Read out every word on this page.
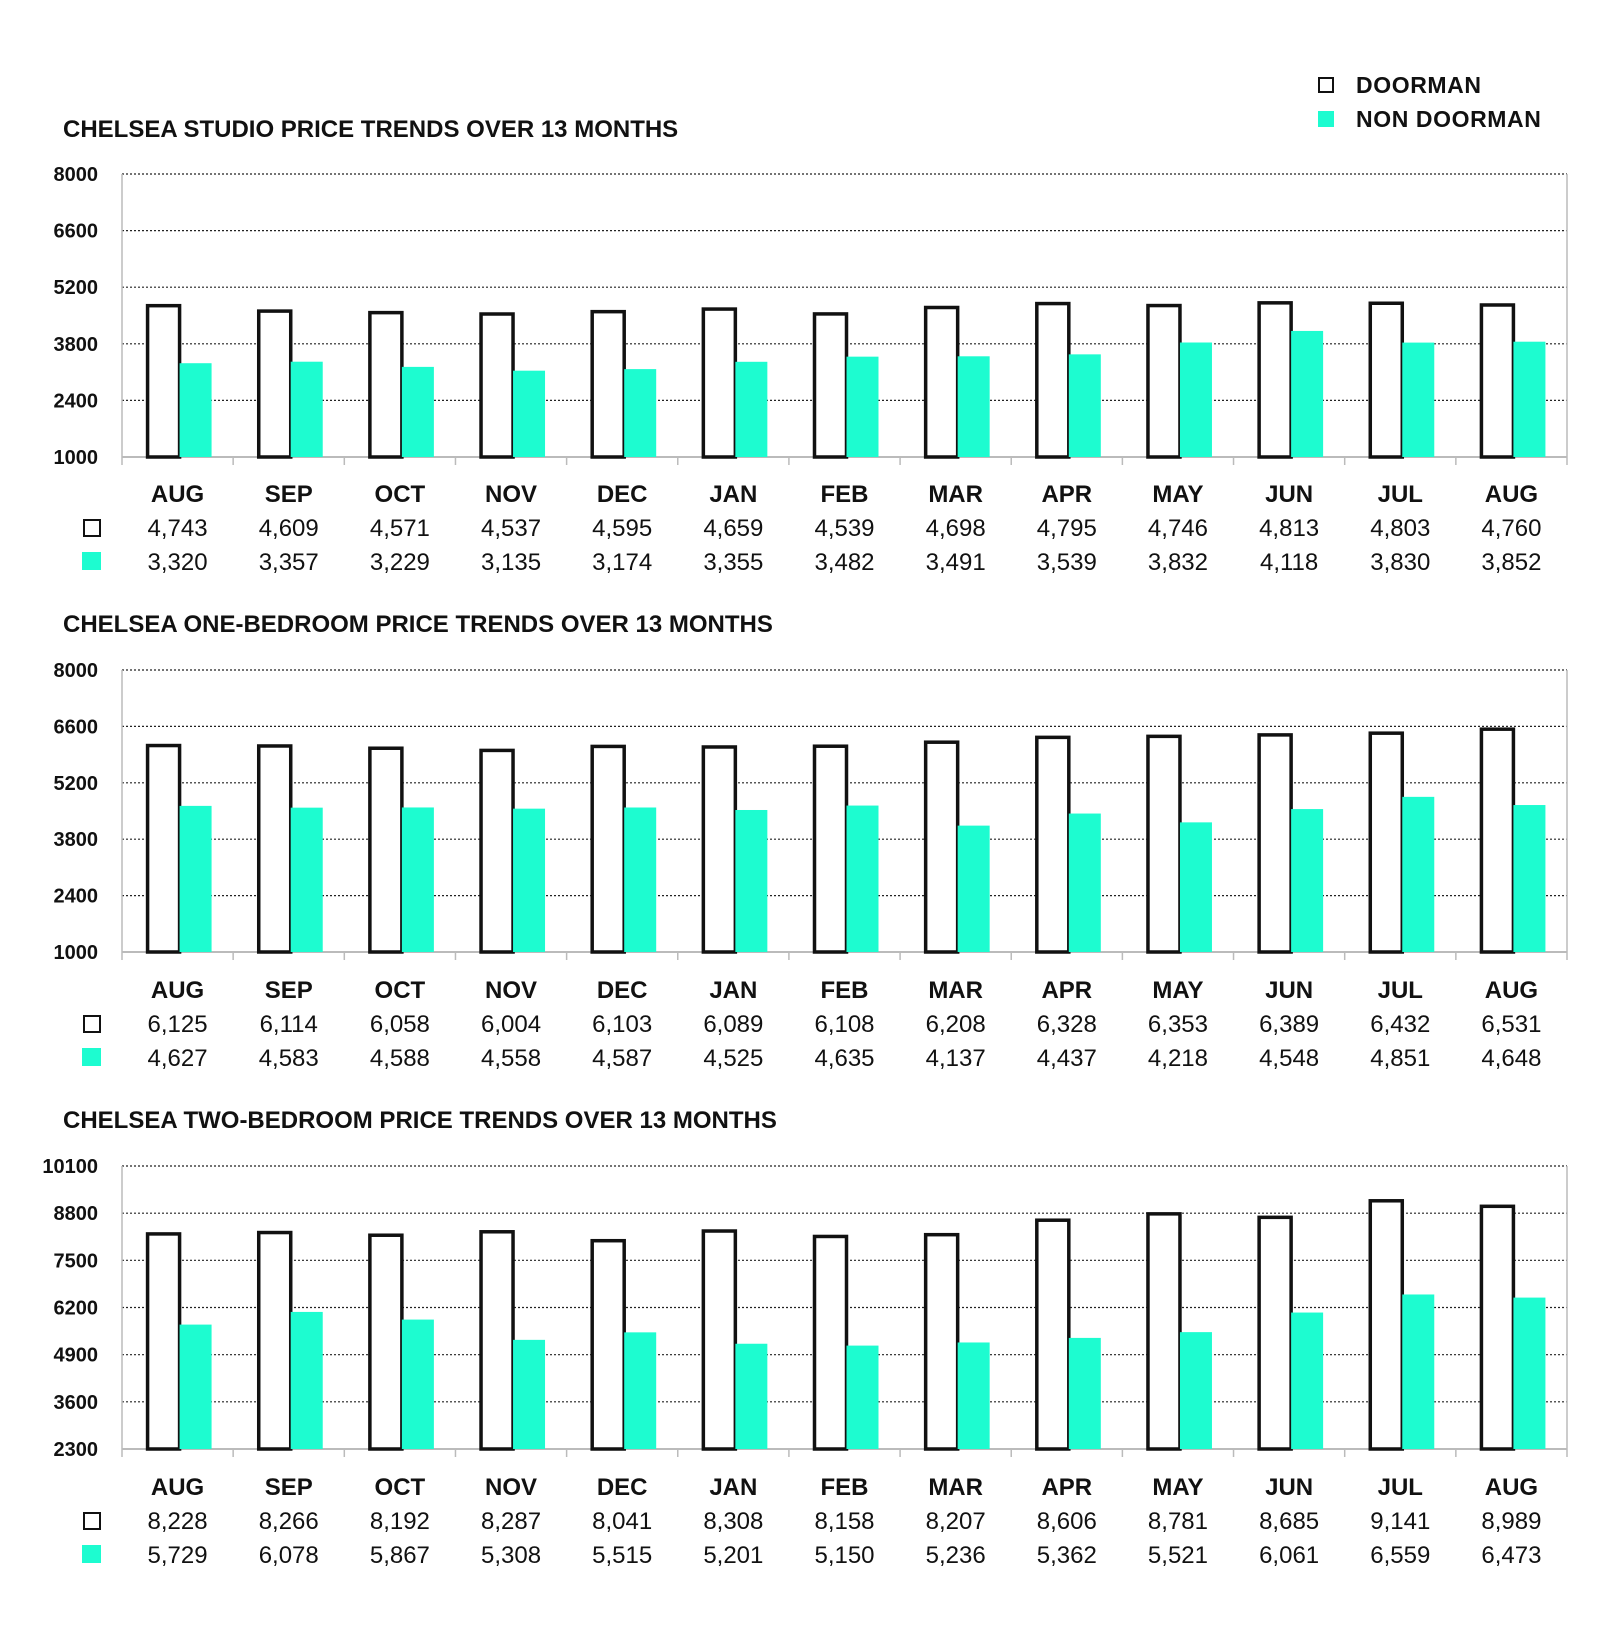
DOORMAN
NON DOORMAN
CHELSEA STUDIO PRICE TRENDS OVER 13 MONTHS
8000
6600
5200
3800
2400
1000
AUG
4,743
3,320
SEP
4,609
3,357
OCT
4,571
3,229
NOV
4,537
3,135
DEC
4,595
3,174
JAN
4,659
3,355
FEB
4,539
3,482
MAR
4,698
3,491
APR
4,795
3,539
MAY
4,746
3,832
JUN
4,813
4,118
JUL
4,803
3,830
AUG
4,760
3,852
CHELSEA ONE-BEDROOM PRICE TRENDS OVER 13 MONTHS
8000
6600
5200
3800
2400
1000
AUG
6,125
4,627
SEP
6,114
4,583
OCT
6,058
4,588
NOV
6,004
4,558
DEC
6,103
4,587
JAN
6,089
4,525
FEB
6,108
4,635
MAR
6,208
4,137
APR
6,328
4,437
MAY
6,353
4,218
JUN
6,389
4,548
JUL
6,432
4,851
AUG
6,531
4,648
CHELSEA TWO-BEDROOM PRICE TRENDS OVER 13 MONTHS
10100
8800
7500
6200
4900
3600
2300
AUG
8,228
5,729
SEP
8,266
6,078
OCT
8,192
5,867
NOV
8,287
5,308
DEC
8,041
5,515
JAN
8,308
5,201
FEB
8,158
5,150
MAR
8,207
5,236
APR
8,606
5,362
MAY
8,781
5,521
JUN
8,685
6,061
JUL
9,141
6,559
AUG
8,989
6,473
